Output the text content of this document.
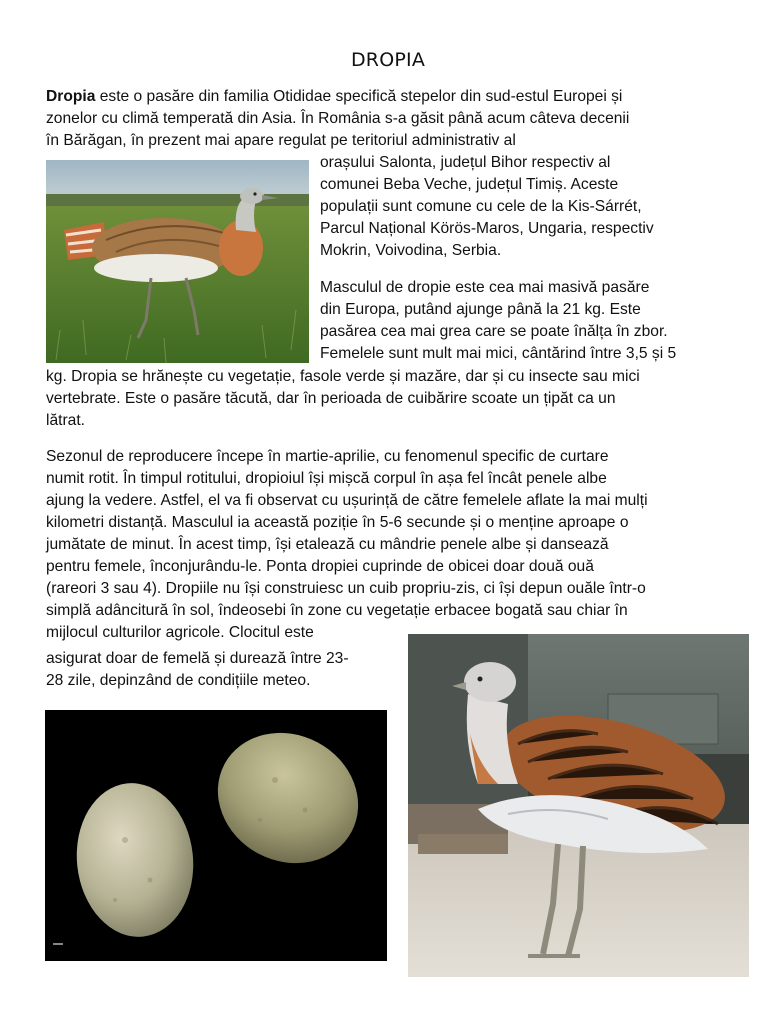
DROPIA
Dropia este o pasăre din familia Otididae specifică stepelor din sud-estul Europei și
zonelor cu climă temperată din Asia. În România s-a găsit până acum câteva decenii
în Bărăgan, în prezent mai apare regulat pe teritoriul administrativ al
orașului Salonta, județul Bihor respectiv al
comunei Beba Veche, județul Timiș. Aceste
populații sunt comune cu cele de la Kis-Sárrét,
Parcul Național Körös-Maros, Ungaria, respectiv
Mokrin, Voivodina, Serbia.
Masculul de dropie este cea mai masivă pasăre
din Europa, putând ajunge până la 21 kg. Este
pasărea cea mai grea care se poate înălța în zbor.
Femelele sunt mult mai mici, cântărind între 3,5 și 5
kg. Dropia se hrănește cu vegetație, fasole verde și mazăre, dar și cu insecte sau mici
vertebrate. Este o pasăre tăcută, dar în perioada de cuibărire scoate un țipăt ca un
lătrat.
Sezonul de reproducere începe în martie-aprilie, cu fenomenul specific de curtare
numit rotit. În timpul rotitului, dropioiul își mișcă corpul în așa fel încât penele albe
ajung la vedere. Astfel, el va fi observat cu ușurință de către femelele aflate la mai mulți
kilometri distanță. Masculul ia această poziție în 5-6 secunde și o menține aproape o
jumătate de minut. În acest timp, își etalează cu mândrie penele albe și dansează
pentru femele, înconjurându-le. Ponta dropiei cuprinde de obicei doar două ouă
(rareori 3 sau 4). Dropiile nu își construiesc un cuib propriu-zis, ci își depun ouăle într-o
simplă adâncitură în sol, îndeosebi în zone cu vegetație erbacee bogată sau chiar în
mijlocul culturilor agricole. Clocitul este
asigurat doar de femelă și durează între 23-
28 zile, depinzând de condițiile meteo.
